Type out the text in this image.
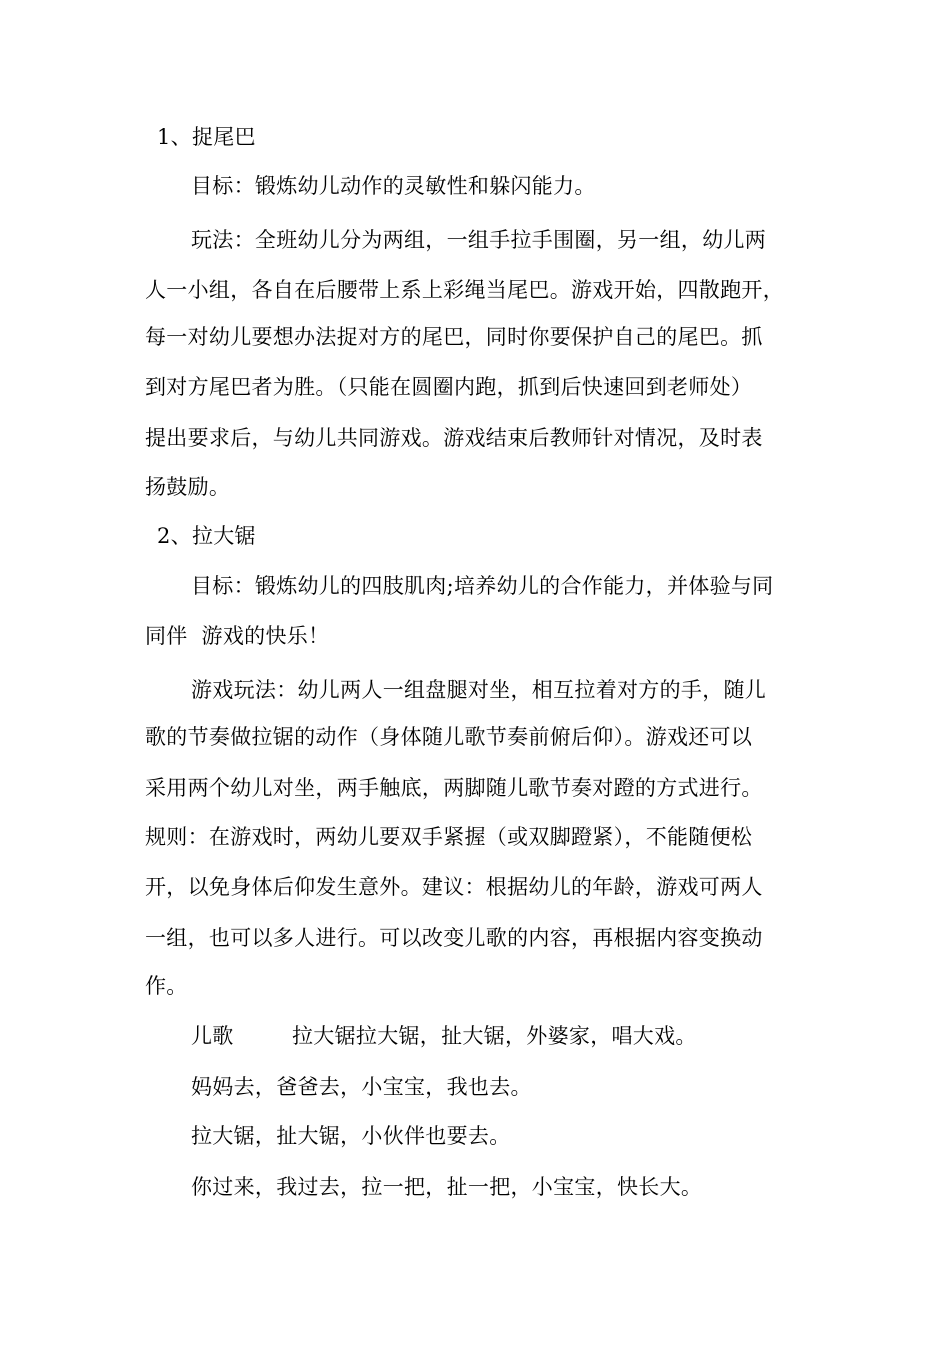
1、捉尾巴
目标：锻炼幼儿动作的灵敏性和躲闪能力。
玩法：全班幼儿分为两组，一组手拉手围圈，另一组，幼儿两
人一小组，各自在后腰带上系上彩绳当尾巴。游戏开始，四散跑开，
每一对幼儿要想办法捉对方的尾巴，同时你要保护自己的尾巴。抓
到对方尾巴者为胜。（只能在圆圈内跑，抓到后快速回到老师处）
提出要求后，与幼儿共同游戏。游戏结束后教师针对情况，及时表
扬鼓励。
2、拉大锯
目标：锻炼幼儿的四肢肌肉;培养幼儿的合作能力，并体验与同
同伴  游戏的快乐！
游戏玩法：幼儿两人一组盘腿对坐，相互拉着对方的手，随儿
歌的节奏做拉锯的动作（身体随儿歌节奏前俯后仰）。游戏还可以
采用两个幼儿对坐，两手触底，两脚随儿歌节奏对蹬的方式进行。
规则：在游戏时，两幼儿要双手紧握（或双脚蹬紧），不能随便松
开，以免身体后仰发生意外。建议：根据幼儿的年龄，游戏可两人
一组，也可以多人进行。可以改变儿歌的内容，再根据内容变换动
作。
儿歌	拉大锯拉大锯，扯大锯，外婆家，唱大戏。
妈妈去，爸爸去，小宝宝，我也去。
拉大锯，扯大锯，小伙伴也要去。
你过来，我过去，拉一把，扯一把，小宝宝，快长大。
